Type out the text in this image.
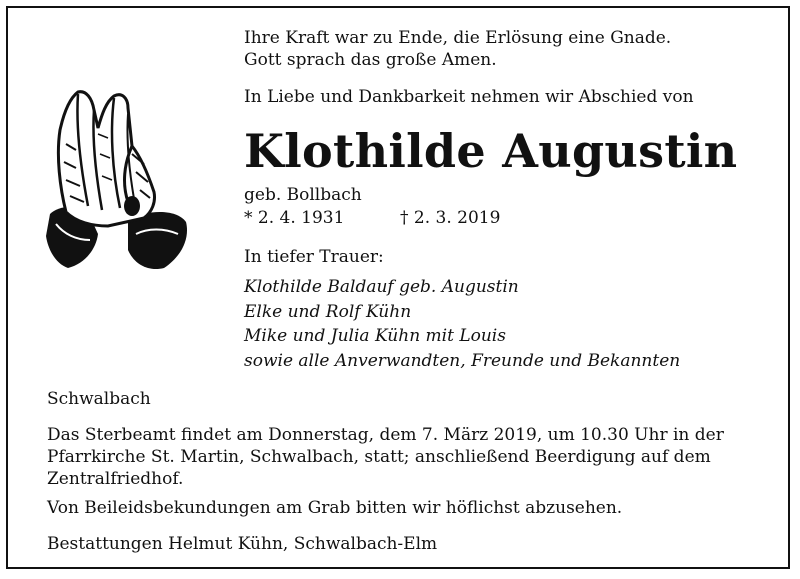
Ihre Kraft war zu Ende, die Erlösung eine Gnade.
Gott sprach das große Amen.
In Liebe und Dankbarkeit nehmen wir Abschied von
Klothilde Augustin
geb. Bollbach
* 2. 4. 1931	† 2. 3. 2019
In tiefer Trauer:
Klothilde Baldauf geb. Augustin
Elke und Rolf Kühn
Mike und Julia Kühn mit Louis
sowie alle Anverwandten, Freunde und Bekannten
Schwalbach
Das Sterbeamt findet am Donnerstag, dem 7. März 2019, um 10.30 Uhr in der
Pfarrkirche St. Martin, Schwalbach, statt; anschließend Beerdigung auf dem
Zentralfriedhof.
Von Beileidsbekundungen am Grab bitten wir höflichst abzusehen.
Bestattungen Helmut Kühn, Schwalbach-Elm
